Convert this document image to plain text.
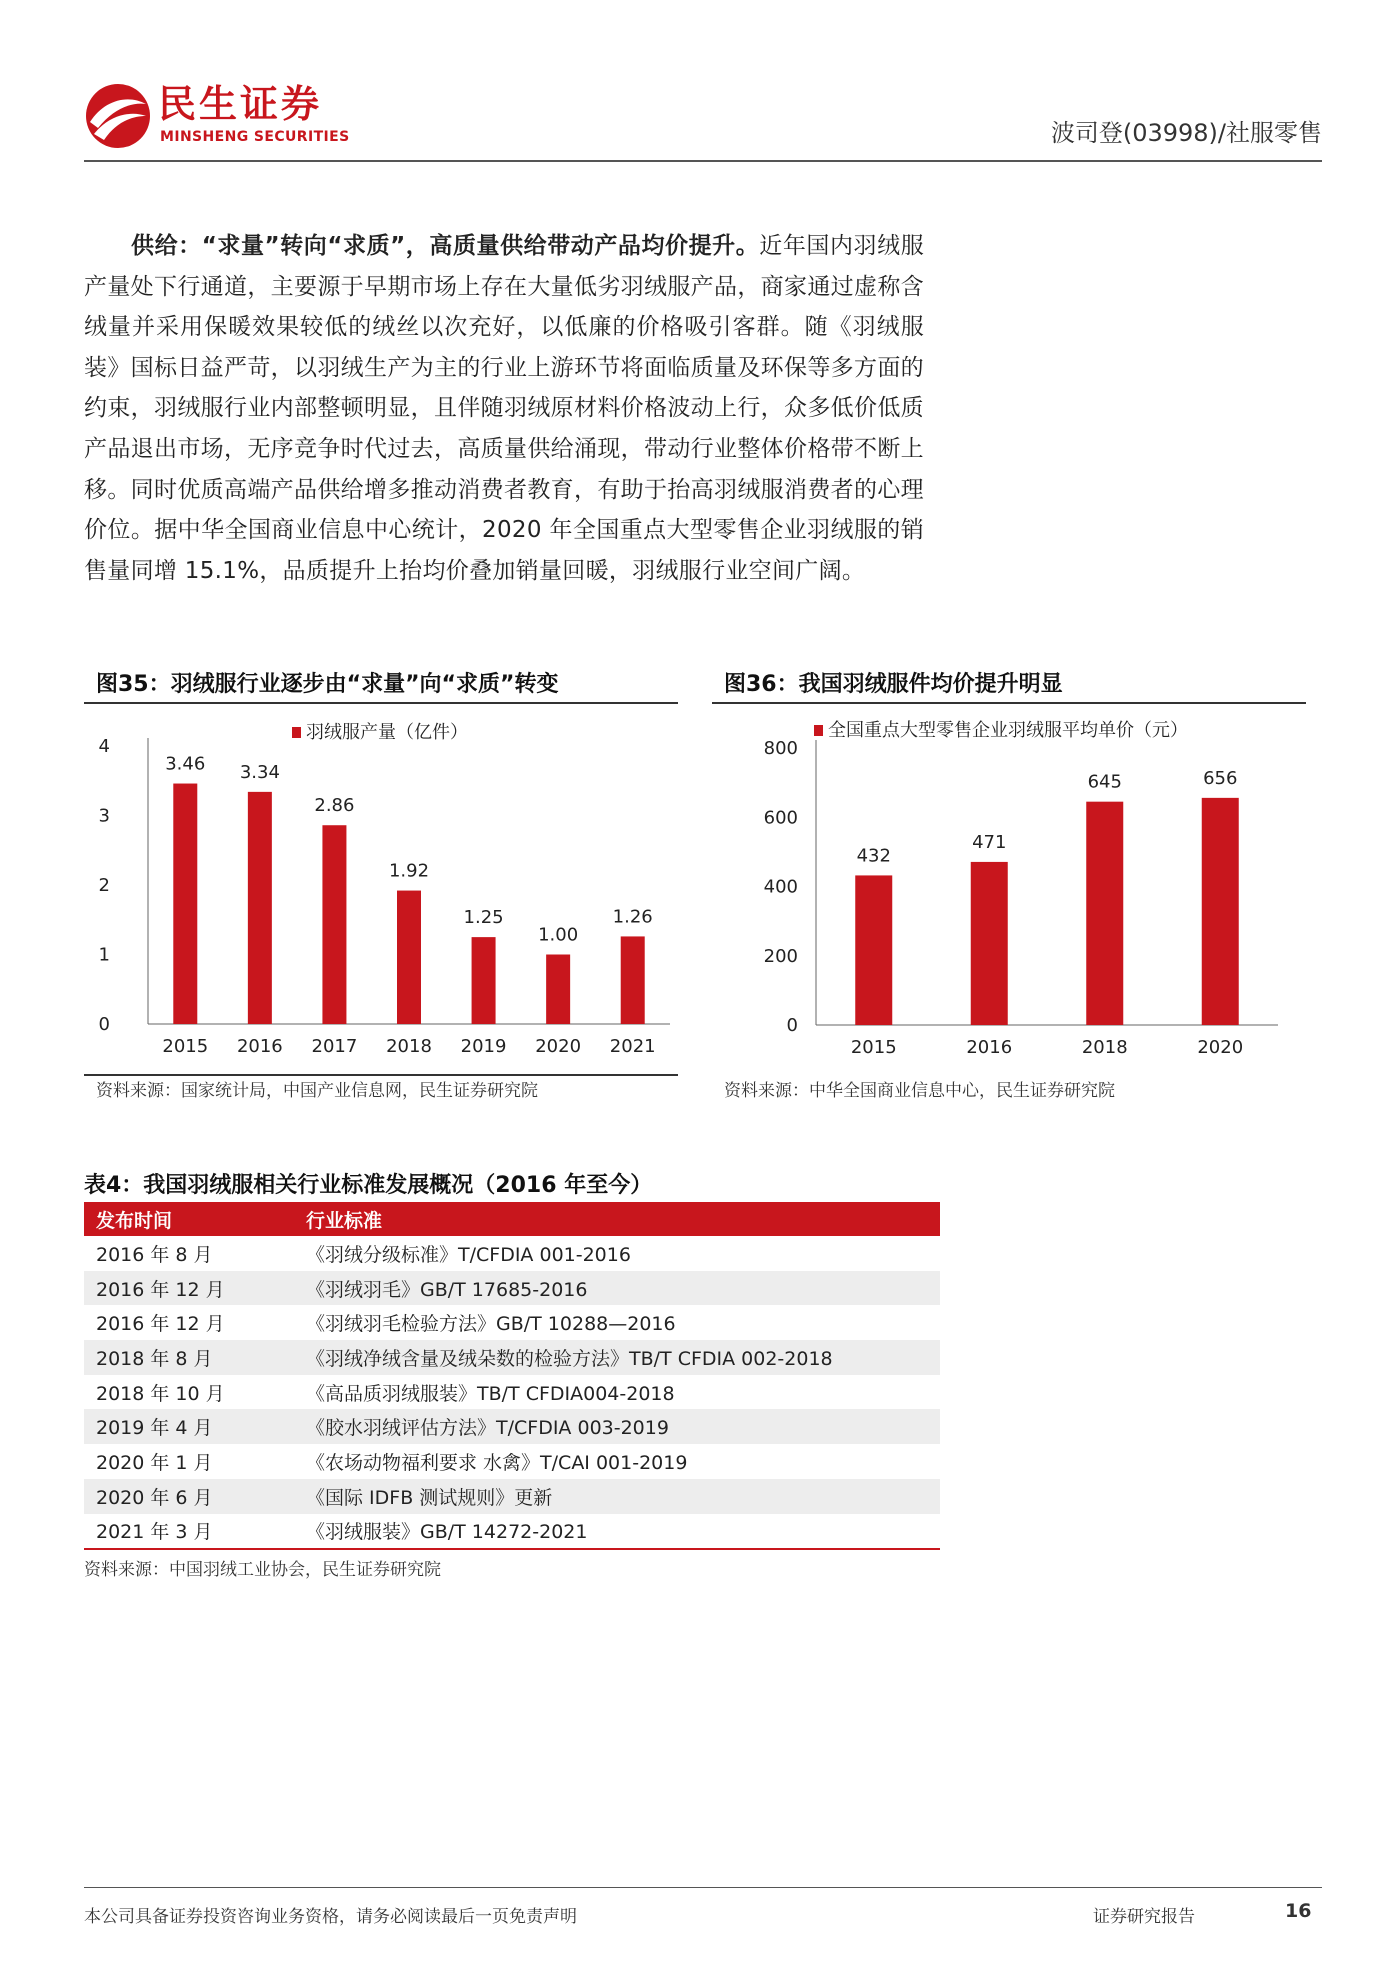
民生证券
MINSHENG SECURITIES	波司登(03998)/社服零售
供给：“求量”转向“求质”，高质量供给带动产品均价提升。近年国内羽绒服产量处下行通道，主要源于早期市场上存在大量低劣羽绒服产品，商家通过虚称含绒量并采用保暖效果较低的绒丝以次充好，以低廉的价格吸引客群。随《羽绒服装》国标日益严苛，以羽绒生产为主的行业上游环节将面临质量及环保等多方面的约束，羽绒服行业内部整顿明显，且伴随羽绒原材料价格波动上行，众多低价低质产品退出市场，无序竞争时代过去，高质量供给涌现，带动行业整体价格带不断上移。同时优质高端产品供给增多推动消费者教育，有助于抬高羽绒服消费者的心理价位。据中华全国商业信息中心统计，2020 年全国重点大型零售企业羽绒服的销售量同增 15.1%，品质提升上抬均价叠加销量回暖，羽绒服行业空间广阔。
图35：羽绒服行业逐步由“求量”向“求质”转变
羽绒服产量（亿件）
0
1
2
3
4
3.46
2015
3.34
2016
2.86
2017
1.92
2018
1.25
2019
1.00
2020
1.26
2021
资料来源：国家统计局，中国产业信息网，民生证券研究院
图36：我国羽绒服件均价提升明显
全国重点大型零售企业羽绒服平均单价（元）
0
200
400
600
800
432
2015
471
2016
645
2018
656
2020
资料来源：中华全国商业信息中心，民生证券研究院
表4：我国羽绒服相关行业标准发展概况（2016 年至今）
发布时间	行业标准
2016 年 8 月	《羽绒分级标准》T/CFDIA 001-2016
2016 年 12 月	《羽绒羽毛》GB/T 17685-2016
2016 年 12 月	《羽绒羽毛检验方法》GB/T 10288—2016
2018 年 8 月	《羽绒净绒含量及绒朵数的检验方法》TB/T CFDIA 002-2018
2018 年 10 月	《高品质羽绒服装》TB/T CFDIA004-2018
2019 年 4 月	《胶水羽绒评估方法》T/CFDIA 003-2019
2020 年 1 月	《农场动物福利要求 水禽》T/CAI 001-2019
2020 年 6 月	《国际 IDFB 测试规则》更新
2021 年 3 月	《羽绒服装》GB/T 14272-2021
资料来源：中国羽绒工业协会，民生证券研究院
本公司具备证券投资咨询业务资格，请务必阅读最后一页免责声明	证券研究报告	16
